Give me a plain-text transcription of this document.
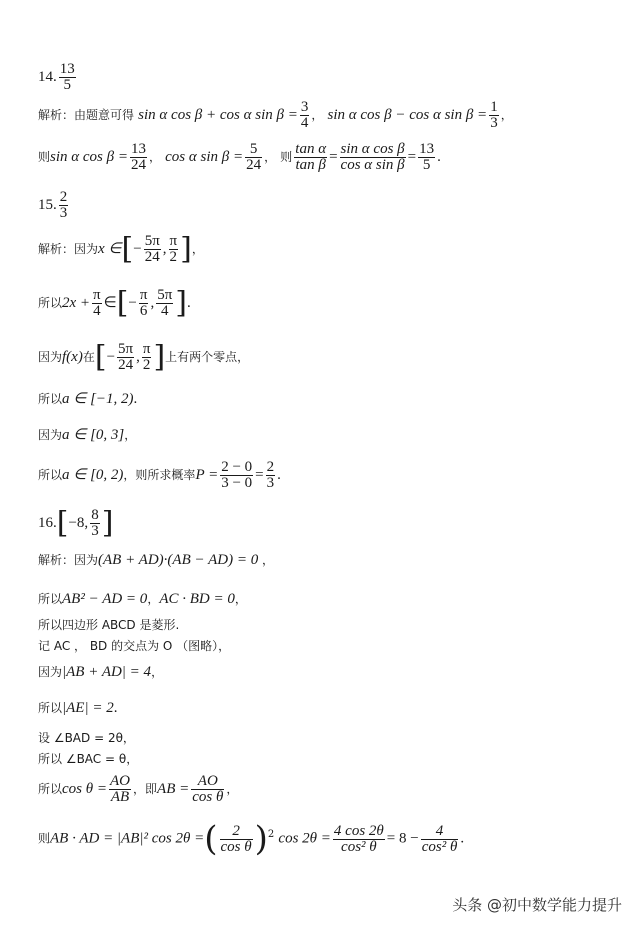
14. $\frac{13}{5}$
解析：由题意可得 sin α cos β + cos α $\sin \beta = \frac{3}{4}$ ， sin α cos β − cos α $\sin \beta = \frac{1}{3}$ ，
则sin α $\cos \beta = \frac{13}{24}$ ， cos α $\sin \beta = \frac{5}{24}$ ， 则 $\frac{\text{tan α}}{\text{tan β}} = \frac{\text{sin α cos β}}{\text{cos α sin β}} = \frac{13}{5}$ .
15. $\frac{2}{3}$
解析：因为x ∈[− $\frac{5\pi}{24}$ , $\frac{\pi}{2}$ ]，
所以$2x + \frac{\pi}{4}$ ∈[− $\frac{\pi}{6}$ , $\frac{5\pi}{4}$ ].
因为f(x)在[− $\frac{5\pi}{24}$ , $\frac{\pi}{2}$ ]上有两个零点，
所以a ∈ [−1, 2).
因为a ∈ [0, 3]，
所以a ∈ [0, 2)，则所求概率$P = \frac{2 - 0}{3 - 0} = \frac{2}{3}$ .
16.[−8, $\frac{8}{3}$ ]
解析：因为(AB + AD)·(AB − AD) = 0 ，
所以AB² − AD = 0，AC · BD = 0，
所以四边形 ABCD 是菱形.
记 AC ， BD 的交点为 O （图略），
因为|AB + AD| = 4，
所以|AE| = 2.
设 ∠BAD = 2θ，
所以 ∠BAC = θ，
所以$\cos \theta = \frac{AO}{AB}$ ，即AB = $\frac{AO}{\text{cos θ}}$ ，
则AB · AD = |AB|² cos 2θ =( $\frac{2}{\text{cos θ}} )^2$ $\cos 2\theta = \frac{4 \cos 2\theta}{\text{cos² θ}} = 8 - \frac{4}{\text{cos² θ}}$ .
头条 @初中数学能力提升
